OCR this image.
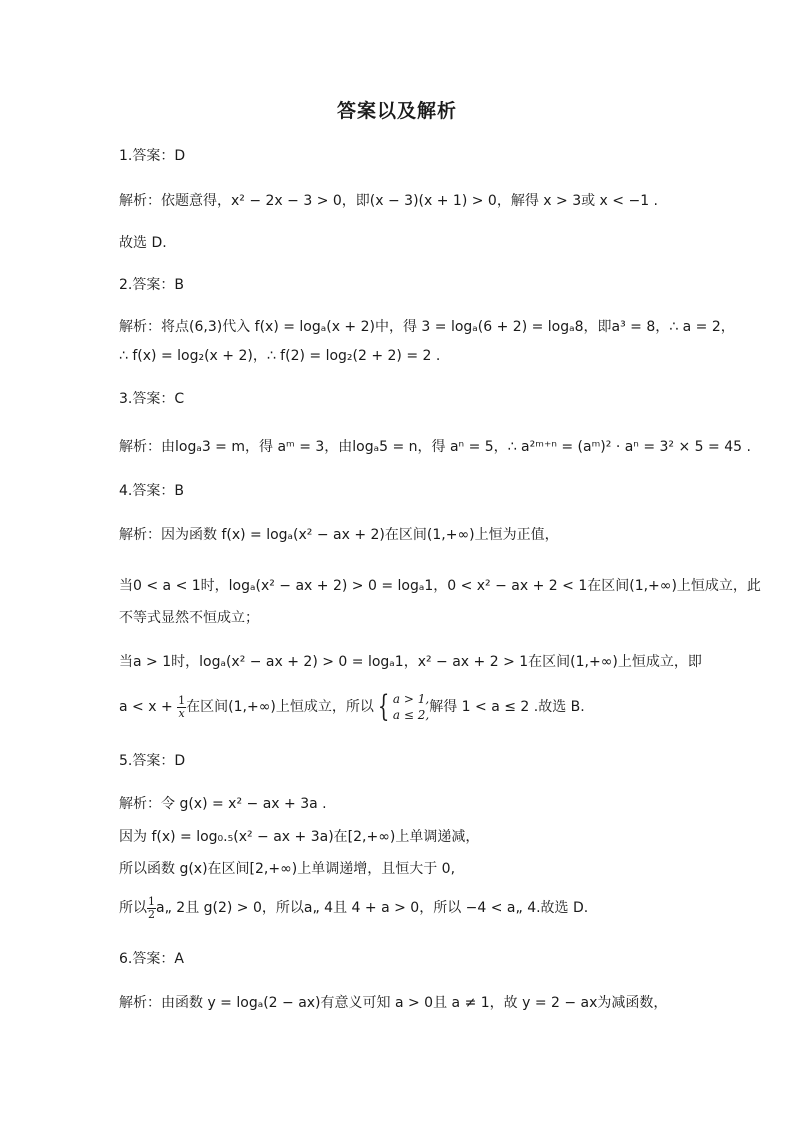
答案以及解析
1.答案：D
解析：依题意得，x² − 2x − 3 > 0，即(x − 3)(x + 1) > 0，解得 x > 3或 x < −1 .
故选 D.
2.答案：B
解析：将点(6,3)代入 f(x) = logₐ(x + 2)中，得 3 = logₐ(6 + 2) = logₐ8，即a³ = 8，∴ a = 2，
∴ f(x) = log₂(x + 2)，∴ f(2) = log₂(2 + 2) = 2 .
3.答案：C
解析：由logₐ3 = m，得 aᵐ = 3，由logₐ5 = n，得 aⁿ = 5，∴ a²ᵐ⁺ⁿ = (aᵐ)² · aⁿ = 3² × 5 = 45 .
4.答案：B
解析：因为函数 f(x) = logₐ(x² − ax + 2)在区间(1,+∞)上恒为正值，
当0 < a < 1时，logₐ(x² − ax + 2) > 0 = logₐ1，0 < x² − ax + 2 < 1在区间(1,+∞)上恒成立，此
不等式显然不恒成立；
当a > 1时，logₐ(x² − ax + 2) > 0 = logₐ1，x² − ax + 2 > 1在区间(1,+∞)上恒成立，即
$a < x + \frac{1}{x}$ 在区间(1,+∞)上恒成立，所以 { a > 1,
a ≤ 2, 解得 1 < a ≤ 2 .故选 B.
5.答案：D
解析：令 g(x) = x² − ax + 3a .
因为 f(x) = log₀.₅(x² − ax + 3a)在[2,+∞)上单调递减，
所以函数 g(x)在区间[2,+∞)上单调递增，且恒大于 0,
所以 $\frac{1}{2}$ a„ 2且 g(2) > 0，所以a„ 4且 4 + a > 0，所以 −4 < a„ 4.故选 D.
6.答案：A
解析：由函数 y = logₐ(2 − ax)有意义可知 a > 0且 a ≠ 1，故 y = 2 − ax为减函数，
